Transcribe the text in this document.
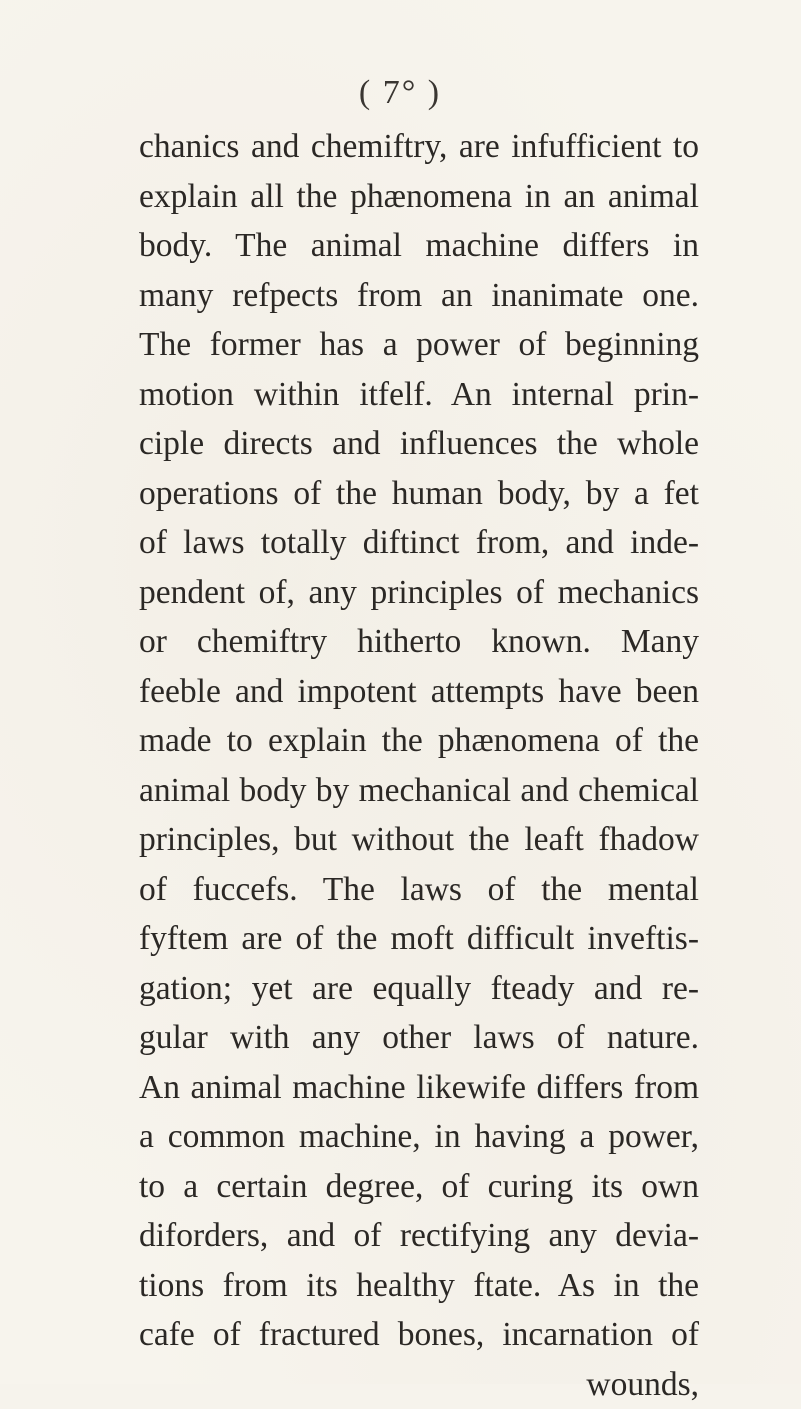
( 7° )
chanics and chemiftry, are infufficient to
explain all the phænomena in an animal
body. The animal machine differs in
many refpects from an inanimate one.
The former has a power of beginning
motion within itfelf. An internal prin-
ciple directs and influences the whole
operations of the human body, by a fet
of laws totally diftinct from, and inde-
pendent of, any principles of mechanics
or chemiftry hitherto known. Many
feeble and impotent attempts have been
made to explain the phænomena of the
animal body by mechanical and chemical
principles, but without the leaft fhadow
of fuccefs. The laws of the mental
fyftem are of the moft difficult inveftis-
gation; yet are equally fteady and re-
gular with any other laws of nature.
An animal machine likewife differs from
a common machine, in having a power,
to a certain degree, of curing its own
diforders, and of rectifying any devia-
tions from its healthy ftate. As in the
cafe of fractured bones, incarnation of
wounds,
